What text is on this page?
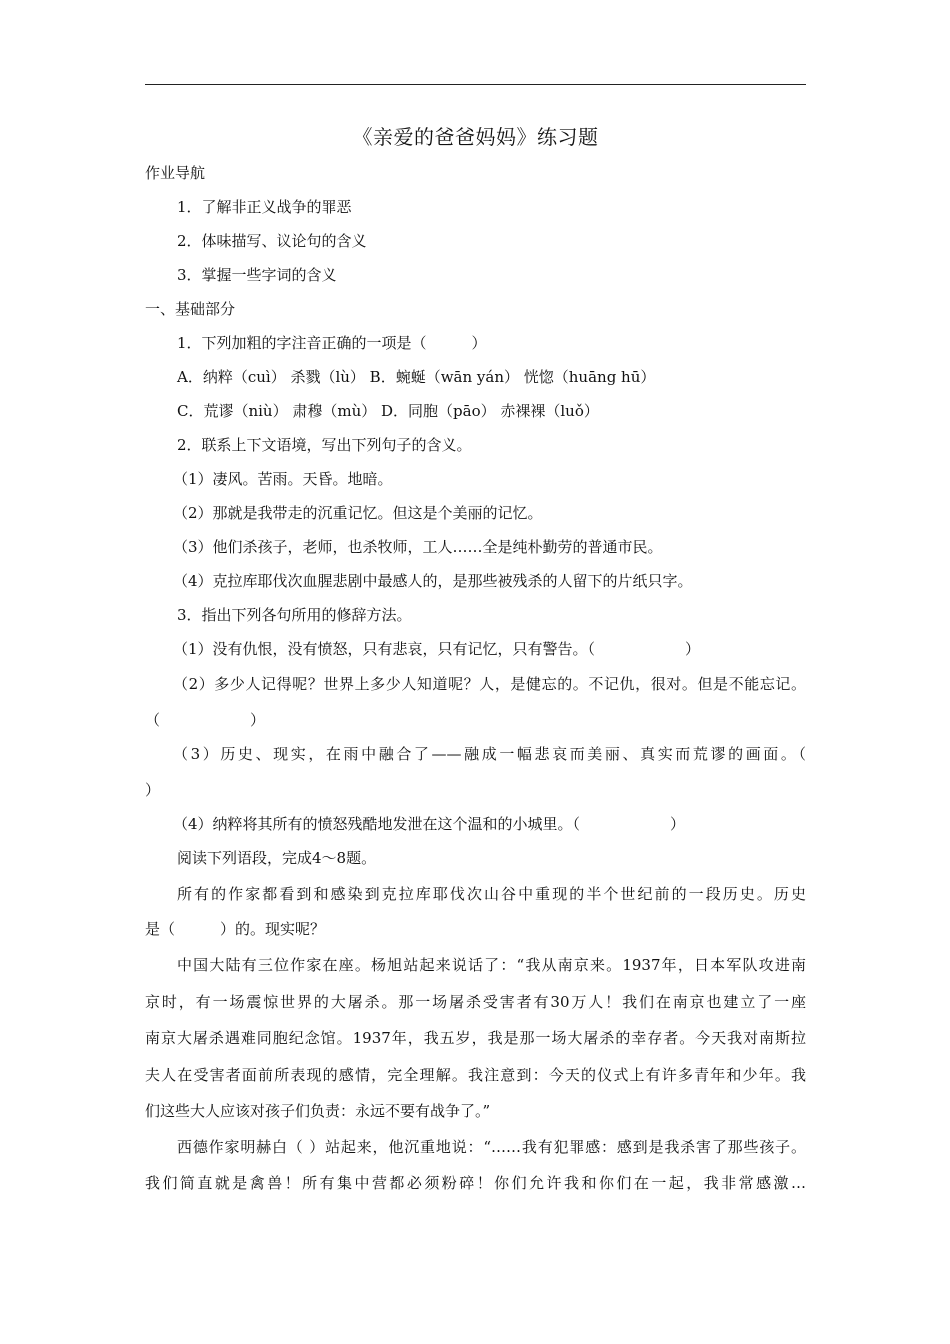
《亲爱的爸爸妈妈》练习题
作业导航
1．了解非正义战争的罪恶
2．体味描写、议论句的含义
3．掌握一些字词的含义
一、基础部分
1．下列加粗的字注音正确的一项是（　　　）
A．纳粹（cuì） 杀戮（lù） B．蜿蜒（wān yán） 恍惚（huāng hū）
C．荒谬（niù） 肃穆（mù） D．同胞（pāo） 赤裸裸（luǒ）
2．联系上下文语境，写出下列句子的含义。
（1）凄风。苦雨。天昏。地暗。
（2）那就是我带走的沉重记忆。但这是个美丽的记忆。
（3）他们杀孩子，老师，也杀牧师，工人……全是纯朴勤劳的普通市民。
（4）克拉库耶伐次血腥悲剧中最感人的，是那些被残杀的人留下的片纸只字。
3．指出下列各句所用的修辞方法。
（1）没有仇恨，没有愤怒，只有悲哀，只有记忆，只有警告。（　　　　　　）
（2）多少人记得呢？世界上多少人知道呢？人，是健忘的。不记仇，很对。但是不能忘记。
（　　　　　　）
（3）历史、现实，在雨中融合了——融成一幅悲哀而美丽、真实而荒谬的画面。（
）
（4）纳粹将其所有的愤怒残酷地发泄在这个温和的小城里。（　　　　　　）
阅读下列语段，完成4～8题。
所有的作家都看到和感染到克拉库耶伐次山谷中重现的半个世纪前的一段历史。历史
是（　　　）的。现实呢？
中国大陆有三位作家在座。杨旭站起来说话了：“我从南京来。1937年，日本军队攻进南
京时，有一场震惊世界的大屠杀。那一场屠杀受害者有30万人！我们在南京也建立了一座
南京大屠杀遇难同胞纪念馆。1937年，我五岁，我是那一场大屠杀的幸存者。今天我对南斯拉
夫人在受害者面前所表现的感情，完全理解。我注意到：今天的仪式上有许多青年和少年。我
们这些大人应该对孩子们负责：永远不要有战争了。”
西德作家明赫白（ ）站起来，他沉重地说：“……我有犯罪感：感到是我杀害了那些孩子。
我们简直就是禽兽！所有集中营都必须粉碎！你们允许我和你们在一起，我非常感激…
